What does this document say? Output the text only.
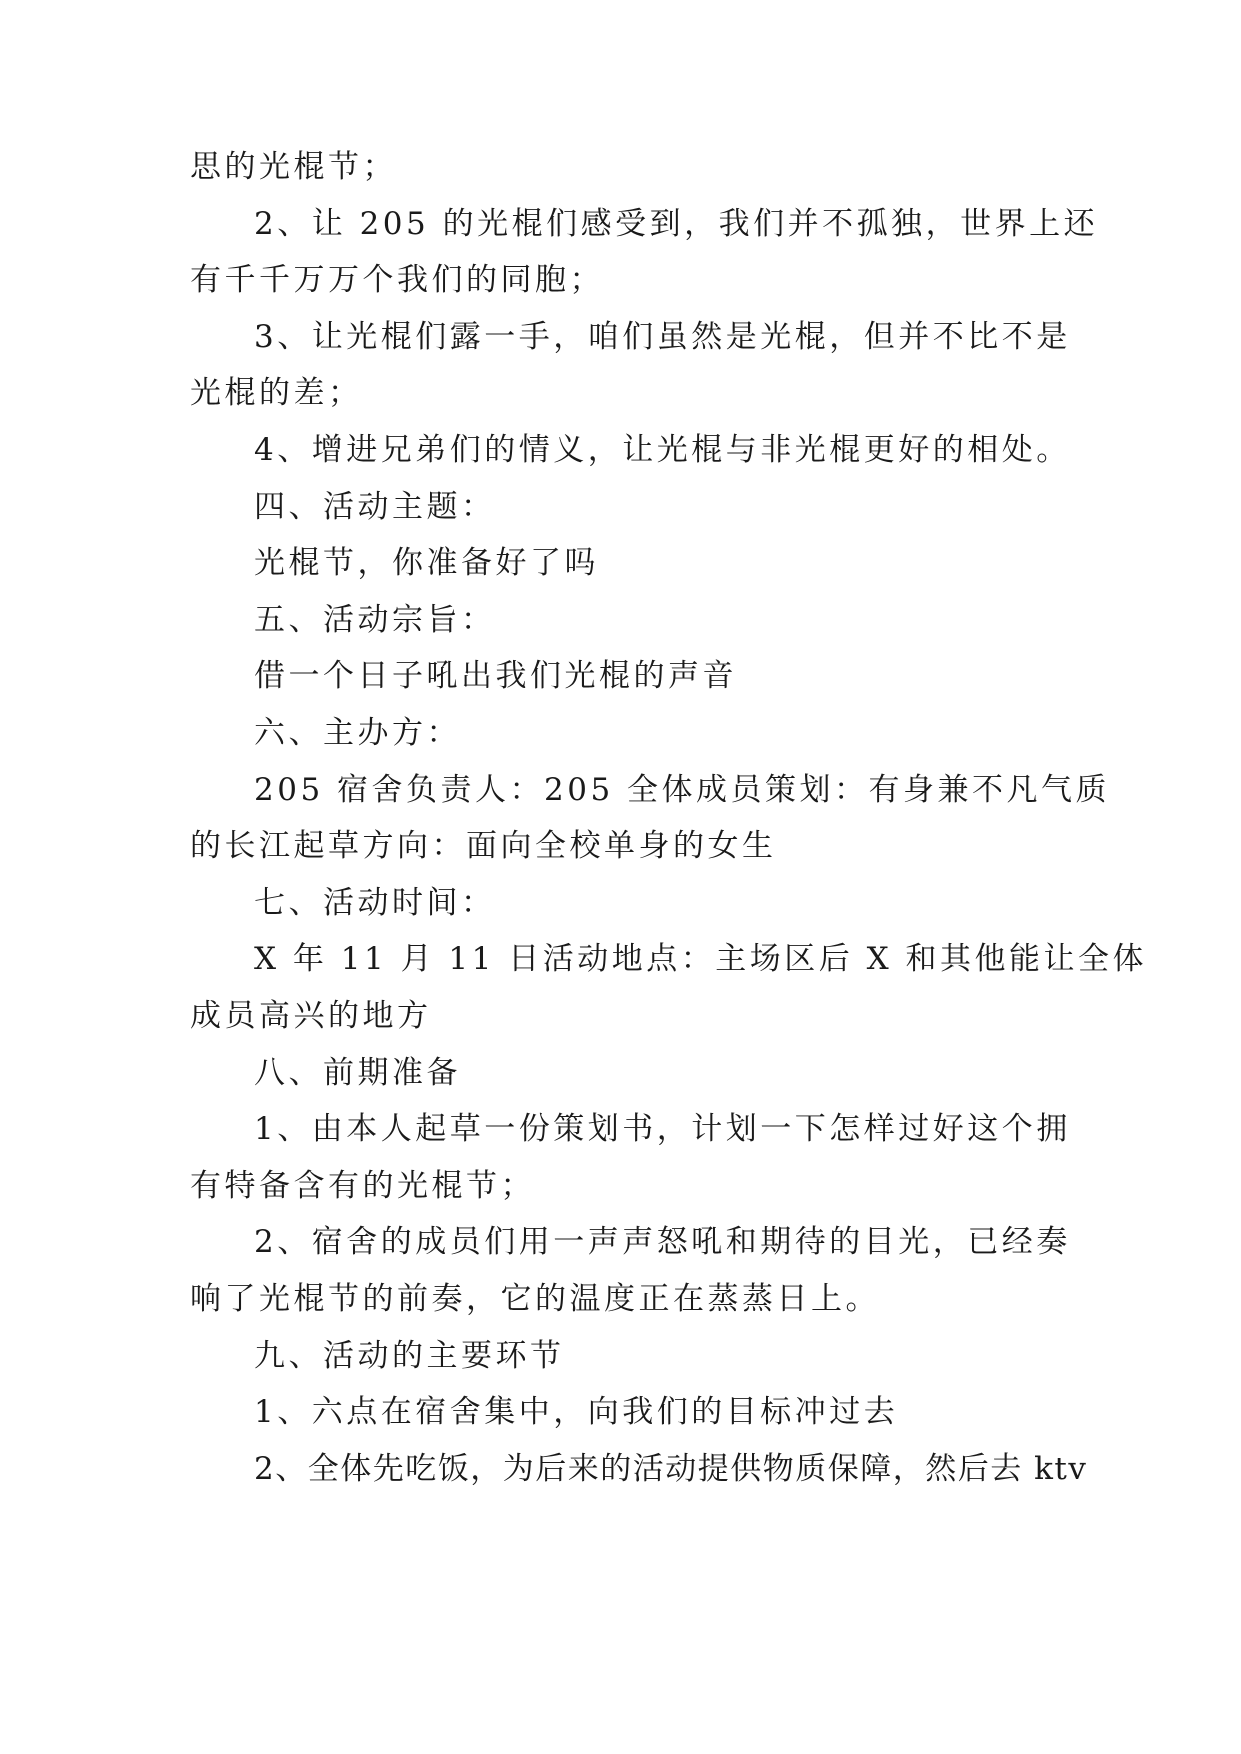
思的光棍节；
2、让 205 的光棍们感受到，我们并不孤独，世界上还
有千千万万个我们的同胞；
3、让光棍们露一手，咱们虽然是光棍，但并不比不是
光棍的差；
4、增进兄弟们的情义，让光棍与非光棍更好的相处。
四、活动主题：
光棍节，你准备好了吗
五、活动宗旨：
借一个日子吼出我们光棍的声音
六、主办方：
205 宿舍负责人：205 全体成员策划：有身兼不凡气质
的长江起草方向：面向全校单身的女生
七、活动时间：
X 年 11 月 11 日活动地点：主场区后 X 和其他能让全体
成员高兴的地方
八、前期准备
1、由本人起草一份策划书，计划一下怎样过好这个拥
有特备含有的光棍节；
2、宿舍的成员们用一声声怒吼和期待的目光，已经奏
响了光棍节的前奏，它的温度正在蒸蒸日上。
九、活动的主要环节
1、六点在宿舍集中，向我们的目标冲过去
2、全体先吃饭，为后来的活动提供物质保障，然后去 ktv
